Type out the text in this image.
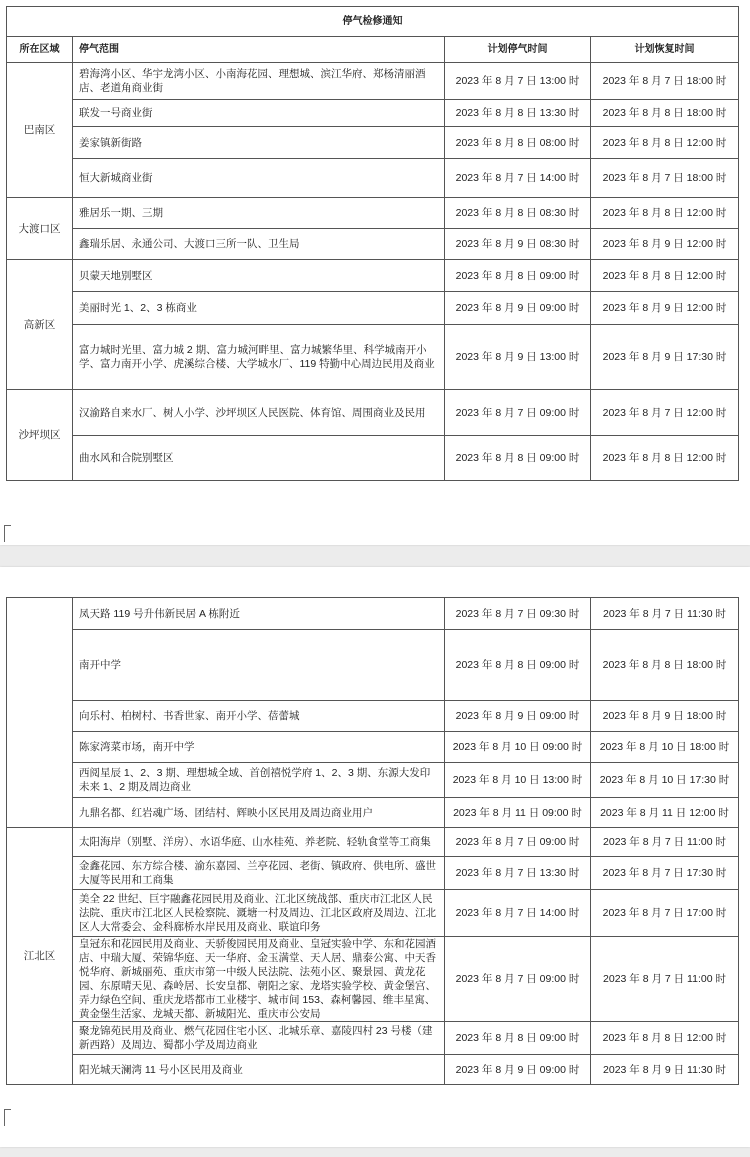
停气检修通知			
所在区域	停气范围	计划停气时间	计划恢复时间
巴南区	碧海湾小区、华宇龙湾小区、小南海花园、理想城、滨江华府、郑杨清丽酒店、老道角商业街	2023 年 8 月 7 日 13:00 时	2023 年 8 月 7 日 18:00 时
	联发一号商业街	2023 年 8 月 8 日 13:30 时	2023 年 8 月 8 日 18:00 时
	姜家镇新街路	2023 年 8 月 8 日 08:00 时	2023 年 8 月 8 日 12:00 时
	恒大新城商业街	2023 年 8 月 7 日 14:00 时	2023 年 8 月 7 日 18:00 时
大渡口区	雅居乐一期、三期	2023 年 8 月 8 日 08:30 时	2023 年 8 月 8 日 12:00 时
	鑫瑞乐居、永通公司、大渡口三所一队、卫生局	2023 年 8 月 9 日 08:30 时	2023 年 8 月 9 日 12:00 时
高新区	贝蒙天地别墅区	2023 年 8 月 8 日 09:00 时	2023 年 8 月 8 日 12:00 时
	美丽时光 1、2、3 栋商业	2023 年 8 月 9 日 09:00 时	2023 年 8 月 9 日 12:00 时
	富力城时光里、富力城 2 期、富力城河畔里、富力城繁华里、科学城南开小学、富力南开小学、虎溪综合楼、大学城水厂、119 特勤中心周边民用及商业	2023 年 8 月 9 日 13:00 时	2023 年 8 月 9 日 17:30 时
沙坪坝区	汉渝路自来水厂、树人小学、沙坪坝区人民医院、体育馆、周围商业及民用	2023 年 8 月 7 日 09:00 时	2023 年 8 月 7 日 12:00 时
	曲水风和合院别墅区	2023 年 8 月 8 日 09:00 时	2023 年 8 月 8 日 12:00 时
	凤天路 119 号升伟新民居 A 栋附近	2023 年 8 月 7 日 09:30 时	2023 年 8 月 7 日 11:30 时
	南开中学	2023 年 8 月 8 日 09:00 时	2023 年 8 月 8 日 18:00 时
	向乐村、柏树村、书香世家、南开小学、蓓蕾城	2023 年 8 月 9 日 09:00 时	2023 年 8 月 9 日 18:00 时
	陈家湾菜市场，南开中学	2023 年 8 月 10 日 09:00 时	2023 年 8 月 10 日 18:00 时
	西阅星辰 1、2、3 期、理想城全域、首创禧悦学府 1、2、3 期、东源大发印未来 1、2 期及周边商业	2023 年 8 月 10 日 13:00 时	2023 年 8 月 10 日 17:30 时
	九鼎名都、红岩魂广场、团结村、辉映小区民用及周边商业用户	2023 年 8 月 11 日 09:00 时	2023 年 8 月 11 日 12:00 时
江北区	太阳海岸（别墅、洋房）、水语华庭、山水桂苑、养老院、轻轨食堂等工商集	2023 年 8 月 7 日 09:00 时	2023 年 8 月 7 日 11:00 时
	金鑫花园、东方综合楼、渝东嘉园、兰亭花园、老街、镇政府、供电所、盛世大厦等民用和工商集	2023 年 8 月 7 日 13:30 时	2023 年 8 月 7 日 17:30 时
	美全 22 世纪、巨宇融鑫花园民用及商业、江北区统战部、重庆市江北区人民法院、重庆市江北区人民检察院、溉塘一村及周边、江北区政府及周边、江北区人大常委会、金科廊桥水岸民用及商业、联谊印务	2023 年 8 月 7 日 14:00 时	2023 年 8 月 7 日 17:00 时
	皇冠东和花园民用及商业、天骄俊园民用及商业、皇冠实验中学、东和花园酒店、中瑞大厦、荣锦华庭、天一华府、金玉满堂、天人居、鼎泰公寓、中天香悦华府、新城丽苑、重庆市第一中级人民法院、法苑小区、聚景园、黄龙花园、东原晴天见、森岭居、长安皇都、朝阳之家、龙塔实验学校、黄金堡宫、弄力绿色空间、重庆龙塔都市工业楼宇、城市间 153、森柯馨园、维丰星寓、黄金堡生活家、龙城天都、新城阳光、重庆市公安局	2023 年 8 月 7 日 09:00 时	2023 年 8 月 7 日 11:00 时
	聚龙锦苑民用及商业、燃气花园住宅小区、北城乐章、嘉陵四村 23 号楼（建新西路）及周边、蜀都小学及周边商业	2023 年 8 月 8 日 09:00 时	2023 年 8 月 8 日 12:00 时
	阳光城天澜湾 11 号小区民用及商业	2023 年 8 月 9 日 09:00 时	2023 年 8 月 9 日 11:30 时
